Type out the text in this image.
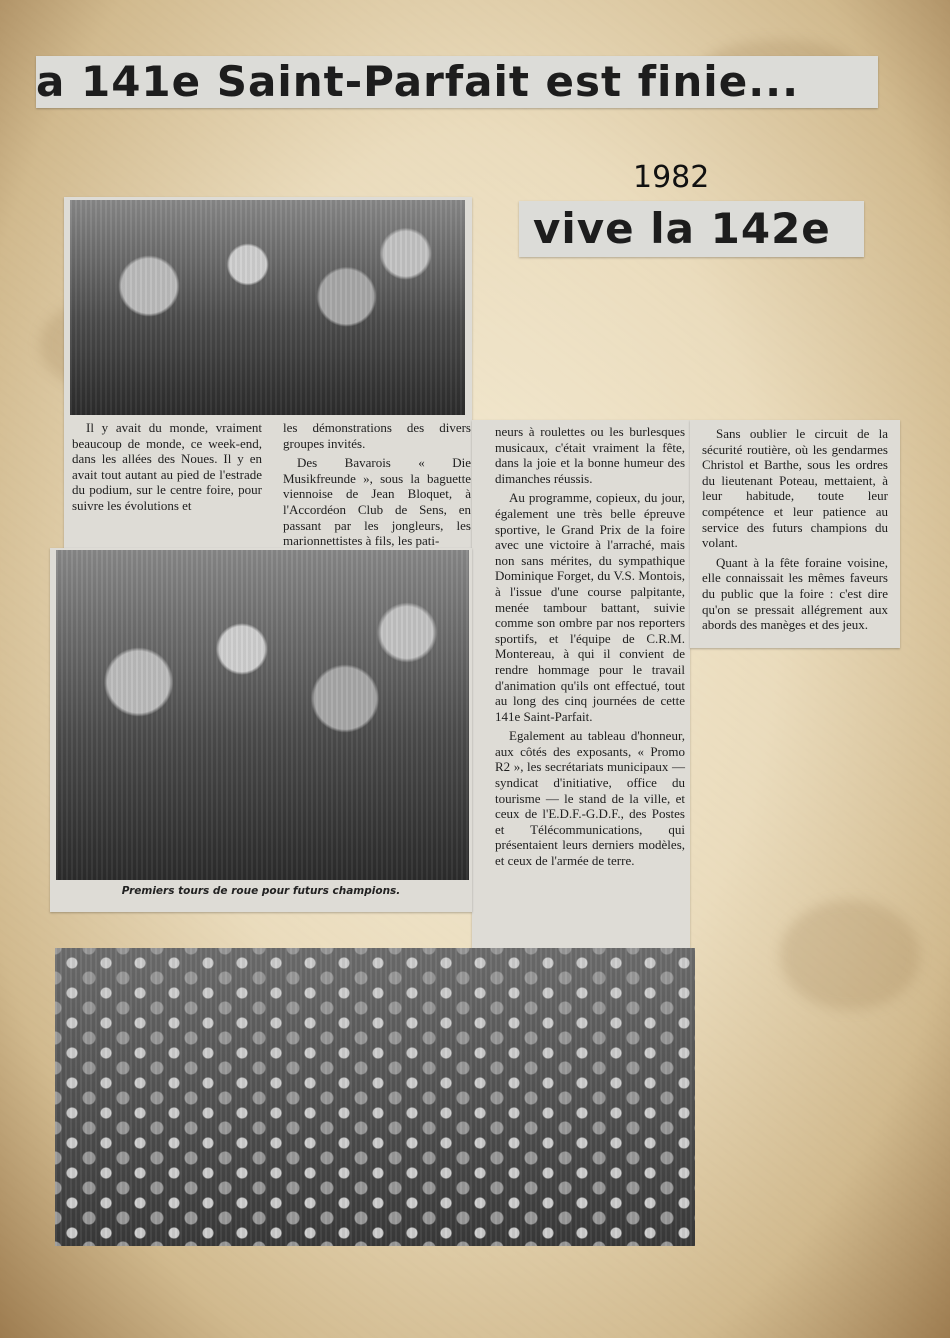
a 141e Saint-Parfait est finie...
1982
vive la 142e

Il y avait du monde, vraiment beaucoup de monde, ce week-end, dans les allées des Noues. Il y en avait tout autant au pied de l'estrade du podium, sur le centre foire, pour suivre les évolutions et

les démonstrations des divers groupes invités.

Des Bavarois « Die Musikfreunde », sous la baguette viennoise de Jean Bloquet, à l'Accordéon Club de Sens, en passant par les jongleurs, les marionnettistes à fils, les pati-

neurs à roulettes ou les burlesques musicaux, c'était vraiment la fête, dans la joie et la bonne humeur des dimanches réussis.

Au programme, copieux, du jour, également une très belle épreuve sportive, le Grand Prix de la foire avec une victoire à l'arraché, mais non sans mérites, du sympathique Dominique Forget, du V.S. Montois, à l'issue d'une course palpitante, menée tambour battant, suivie comme son ombre par nos reporters sportifs, et l'équipe de C.R.M. Montereau, à qui il convient de rendre hommage pour le travail d'animation qu'ils ont effectué, tout au long des cinq journées de cette 141e Saint-Parfait.

Egalement au tableau d'honneur, aux côtés des exposants, « Promo R2 », les secrétariats municipaux — syndicat d'initiative, office du tourisme — le stand de la ville, et ceux de l'E.D.F.-G.D.F., des Postes et Télécommunications, qui présentaient leurs derniers modèles, et ceux de l'armée de terre.

Sans oublier le circuit de la sécurité routière, où les gendarmes Christol et Barthe, sous les ordres du lieutenant Poteau, mettaient, à leur habitude, toute leur compétence et leur patience au service des futurs champions du volant.

Quant à la fête foraine voisine, elle connaissait les mêmes faveurs du public que la foire : c'est dire qu'on se pressait allégrement aux abords des manèges et des jeux.

Premiers tours de roue pour futurs champions.
